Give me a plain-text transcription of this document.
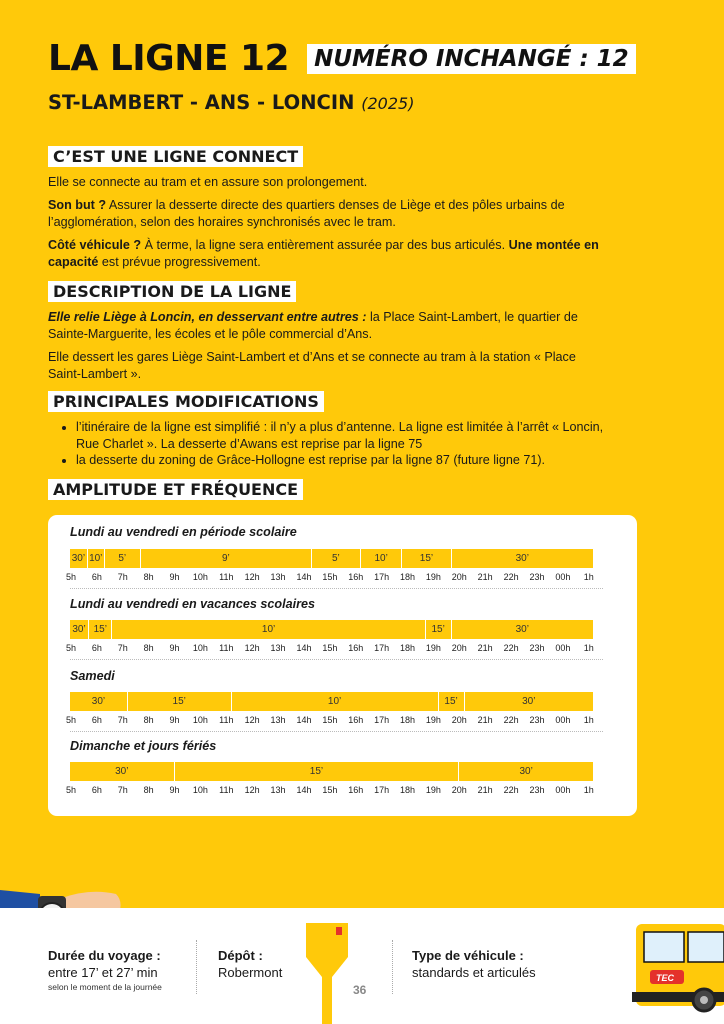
LA LIGNE 12	NUMÉRO INCHANGÉ : 12
ST-LAMBERT - ANS - LONCIN (2025)
C’EST UNE LIGNE CONNECT

Elle se connecte au tram et en assure son prolongement.

Son but ? Assurer la desserte directe des quartiers denses de Liège et des pôles urbains de l’agglomération, selon des horaires synchronisés avec le tram.

Côté véhicule ? À terme, la ligne sera entièrement assurée par des bus articulés. Une montée en capacité est prévue progressivement.

DESCRIPTION DE LA LIGNE

Elle relie Liège à Loncin, en desservant entre autres : la Place Saint-Lambert, le quartier de Sainte-Marguerite, les écoles et le pôle commercial d’Ans.

Elle dessert les gares Liège Saint-Lambert et d’Ans et se connecte au tram à la station « Place Saint-Lambert ».

PRINCIPALES MODIFICATIONS
• l’itinéraire de la ligne est simplifié : il n’y a plus d’antenne. La ligne est limitée à l’arrêt « Loncin, Rue Charlet ». La desserte d’Awans est reprise par la ligne 75
• la desserte du zoning de Grâce-Hollogne est reprise par la ligne 87 (future ligne 71).
AMPLITUDE ET FRÉQUENCE
Lundi au vendredi en période scolaire
30’ 10’	5’	9’	5’	10’	15’	30’
5h	6h	7h	8h	9h	10h	11h	12h	13h	14h	15h	16h	17h	18h	19h	20h	21h	22h	23h	00h	1h
Lundi au vendredi en vacances scolaires
30’ 15’	10’	15’	30’
5h	6h	7h	8h	9h	10h	11h	12h	13h	14h	15h	16h	17h	18h	19h	20h	21h	22h	23h	00h	1h
Samedi
30’	15’	10’	15’	30’
5h	6h	7h	8h	9h	10h	11h	12h	13h	14h	15h	16h	17h	18h	19h	20h	21h	22h	23h	00h	1h
Dimanche et jours fériés
30’	15’	30’
5h	6h	7h	8h	9h	10h	11h	12h	13h	14h	15h	16h	17h	18h	19h	20h	21h	22h	23h	00h	1h
Durée du voyage :
entre 17’ et 27’ min
selon le moment de la journée
Dépôt :
Robermont
36
Type de véhicule :
standards et articulés	TEC
